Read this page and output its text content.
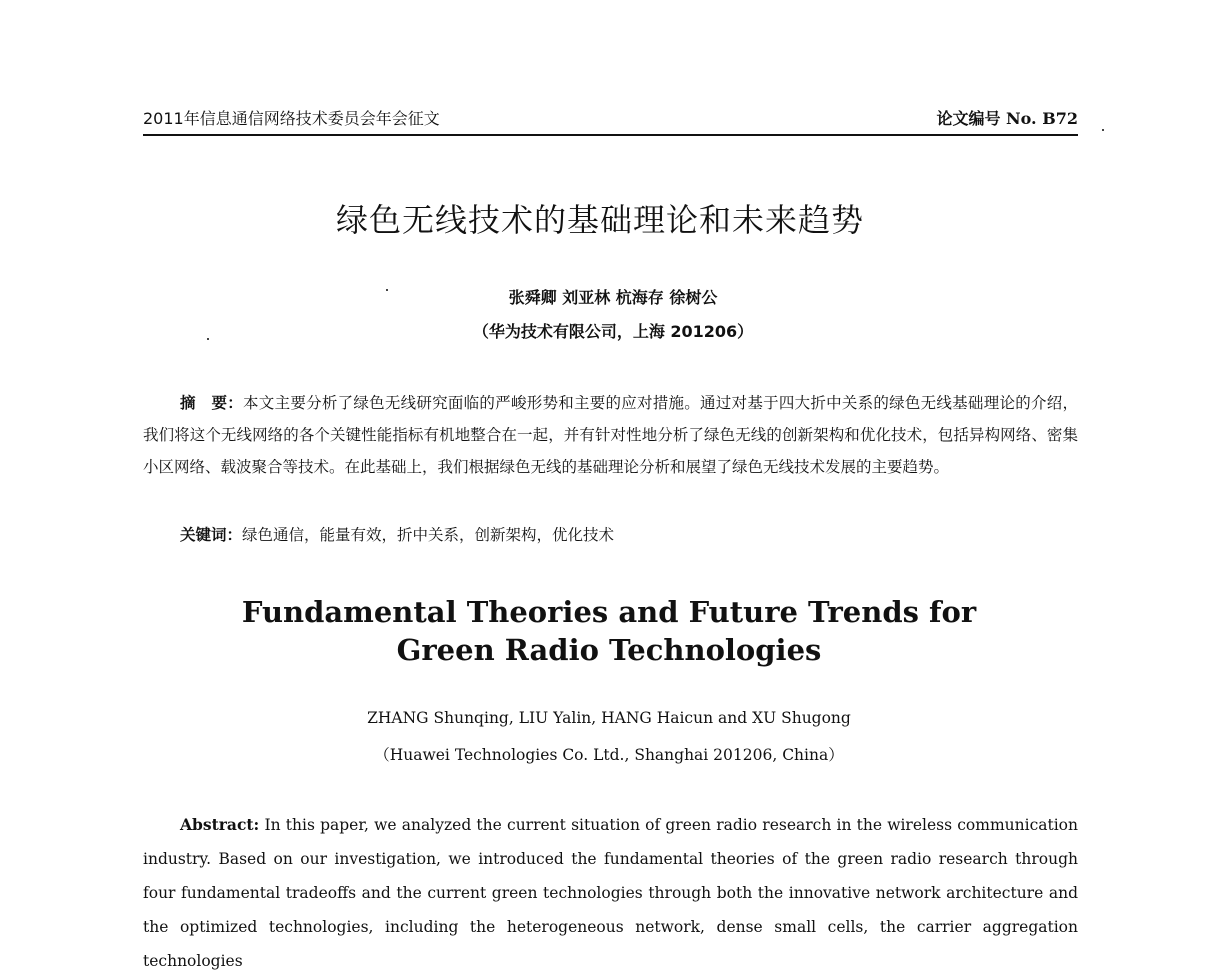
2011年信息通信网络技术委员会年会征文	论文编号 No. B72
绿色无线技术的基础理论和未来趋势
张舜卿 刘亚林 杭海存 徐树公
（华为技术有限公司，上海 201206）
摘　要：本文主要分析了绿色无线研究面临的严峻形势和主要的应对措施。通过对基于四大折中关系的绿色无线基础理论的介绍，我们将这个无线网络的各个关键性能指标有机地整合在一起，并有针对性地分析了绿色无线的创新架构和优化技术，包括异构网络、密集小区网络、载波聚合等技术。在此基础上，我们根据绿色无线的基础理论分析和展望了绿色无线技术发展的主要趋势。
关键词：绿色通信，能量有效，折中关系，创新架构，优化技术
Fundamental Theories and Future Trends for
Green Radio Technologies
ZHANG Shunqing, LIU Yalin, HANG Haicun and XU Shugong
（Huawei Technologies Co. Ltd., Shanghai 201206, China）
Abstract: In this paper, we analyzed the current situation of green radio research in the wireless communication industry. Based on our investigation, we introduced the fundamental theories of the green radio research through four fundamental tradeoffs and the current green technologies through both the innovative network architecture and the optimized technologies, including the heterogeneous network, dense small cells, the carrier aggregation technologies
